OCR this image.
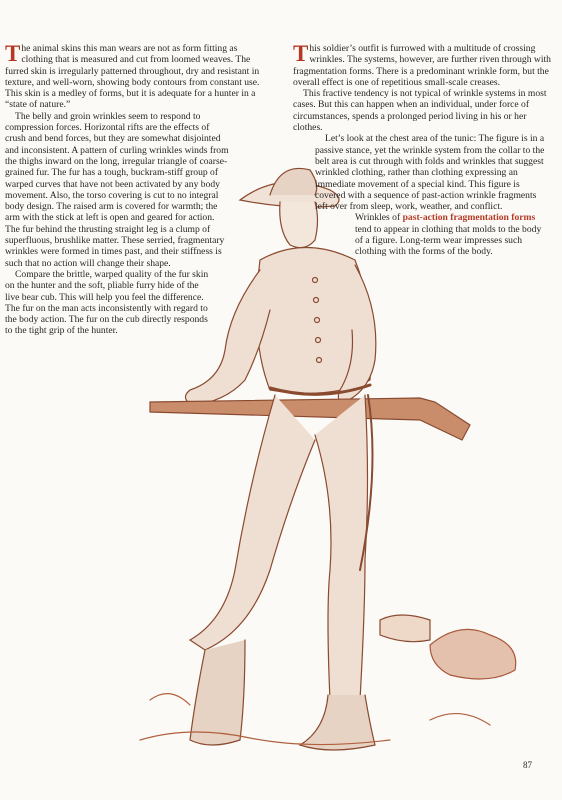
The animal skins this man wears are not as form fitting as clothing that is measured and cut from loomed weaves. The furred skin is irregularly patterned throughout, dry and resistant in texture, and well-worn, showing body contours from constant use. This skin is a medley of forms, but it is adequate for a hunter in a “state of nature.”

The belly and groin wrinkles seem to respond to compression forces. Horizontal rifts are the effects of crush and bend forces, but they are somewhat disjointed and inconsistent. A pattern of curling wrinkles winds from the thighs inward on the long, irregular triangle of coarse-grained fur. The fur has a tough, buckram-stiff group of warped curves that have not been activated by any body movement. Also, the torso covering is cut to no integral body design. The raised arm is covered for warmth; the arm with the stick at left is open and geared for action. The fur behind the thrusting straight leg is a clump of superfluous, brushlike matter. These serried, fragmentary wrinkles were formed in times past, and their stiffness is such that no action will change their shape.

Compare the brittle, warped quality of the fur skin on the hunter and the soft, pliable furry hide of the live bear cub. This will help you feel the difference. The fur on the man acts inconsistently with regard to the body action. The fur on the cub directly responds to the tight grip of the hunter.

This soldier’s outfit is furrowed with a multitude of crossing wrinkles. The systems, however, are further riven through with fragmentation forms. There is a predominant wrinkle form, but the overall effect is one of repetitious small-scale creases.

This fractive tendency is not typical of wrinkle systems in most cases. But this can happen when an individual, under force of circumstances, spends a prolonged period living in his or her clothes.

Let’s look at the chest area of the tunic: The figure is in a passive stance, yet the wrinkle system from the collar to the belt area is cut through with folds and wrinkles that suggest wrinkled clothing, rather than clothing expressing an immediate movement of a special kind. This figure is covered with a sequence of past-action wrinkle fragments left over from sleep, work, weather, and conflict.

Wrinkles of past-action fragmentation forms tend to appear in clothing that molds to the body of a figure. Long-term wear impresses such clothing with the forms of the body.

87
